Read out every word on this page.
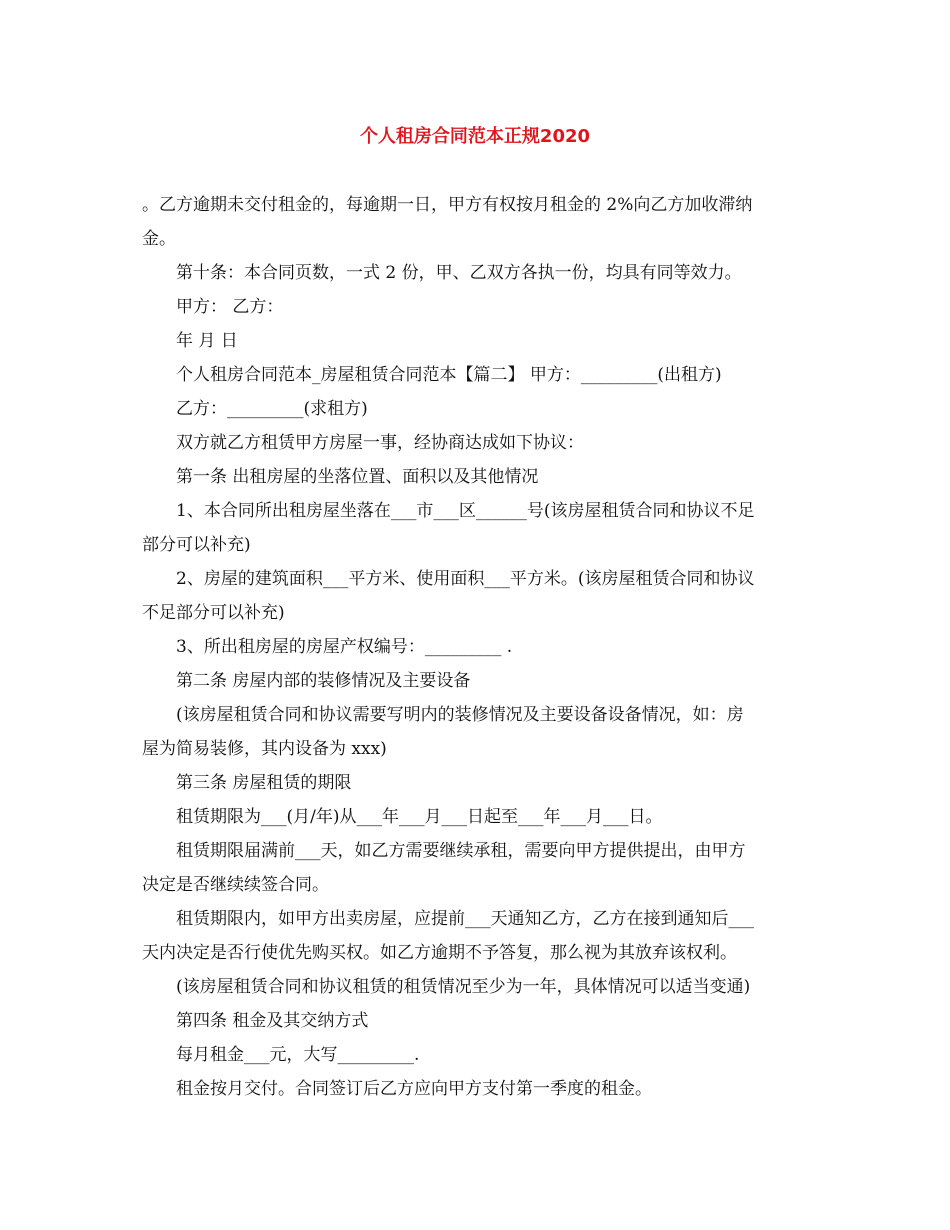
个人租房合同范本正规2020
。乙方逾期未交付租金的，每逾期一日，甲方有权按月租金的 2%向乙方加收滞纳
金。
第十条：本合同页数，一式 2 份，甲、乙双方各执一份，均具有同等效力。
甲方： 乙方：
年 月 日
个人租房合同范本_房屋租赁合同范本【篇二】 甲方：_________(出租方)
乙方：_________(求租方)
双方就乙方租赁甲方房屋一事，经协商达成如下协议：
第一条 出租房屋的坐落位置、面积以及其他情况
1、本合同所出租房屋坐落在___市___区______号(该房屋租赁合同和协议不足
部分可以补充)
2、房屋的建筑面积___平方米、使用面积___平方米。(该房屋租赁合同和协议
不足部分可以补充)
3、所出租房屋的房屋产权编号：_________ .
第二条 房屋内部的装修情况及主要设备
(该房屋租赁合同和协议需要写明内的装修情况及主要设备设备情况，如：房
屋为简易装修，其内设备为 xxx)
第三条 房屋租赁的期限
租赁期限为___(月/年)从___年___月___日起至___年___月___日。
租赁期限届满前___天，如乙方需要继续承租，需要向甲方提供提出，由甲方
决定是否继续续签合同。
租赁期限内，如甲方出卖房屋，应提前___天通知乙方，乙方在接到通知后___
天内决定是否行使优先购买权。如乙方逾期不予答复，那么视为其放弃该权利。
(该房屋租赁合同和协议租赁的租赁情况至少为一年，具体情况可以适当变通)
第四条 租金及其交纳方式
每月租金___元，大写_________.
租金按月交付。合同签订后乙方应向甲方支付第一季度的租金。
